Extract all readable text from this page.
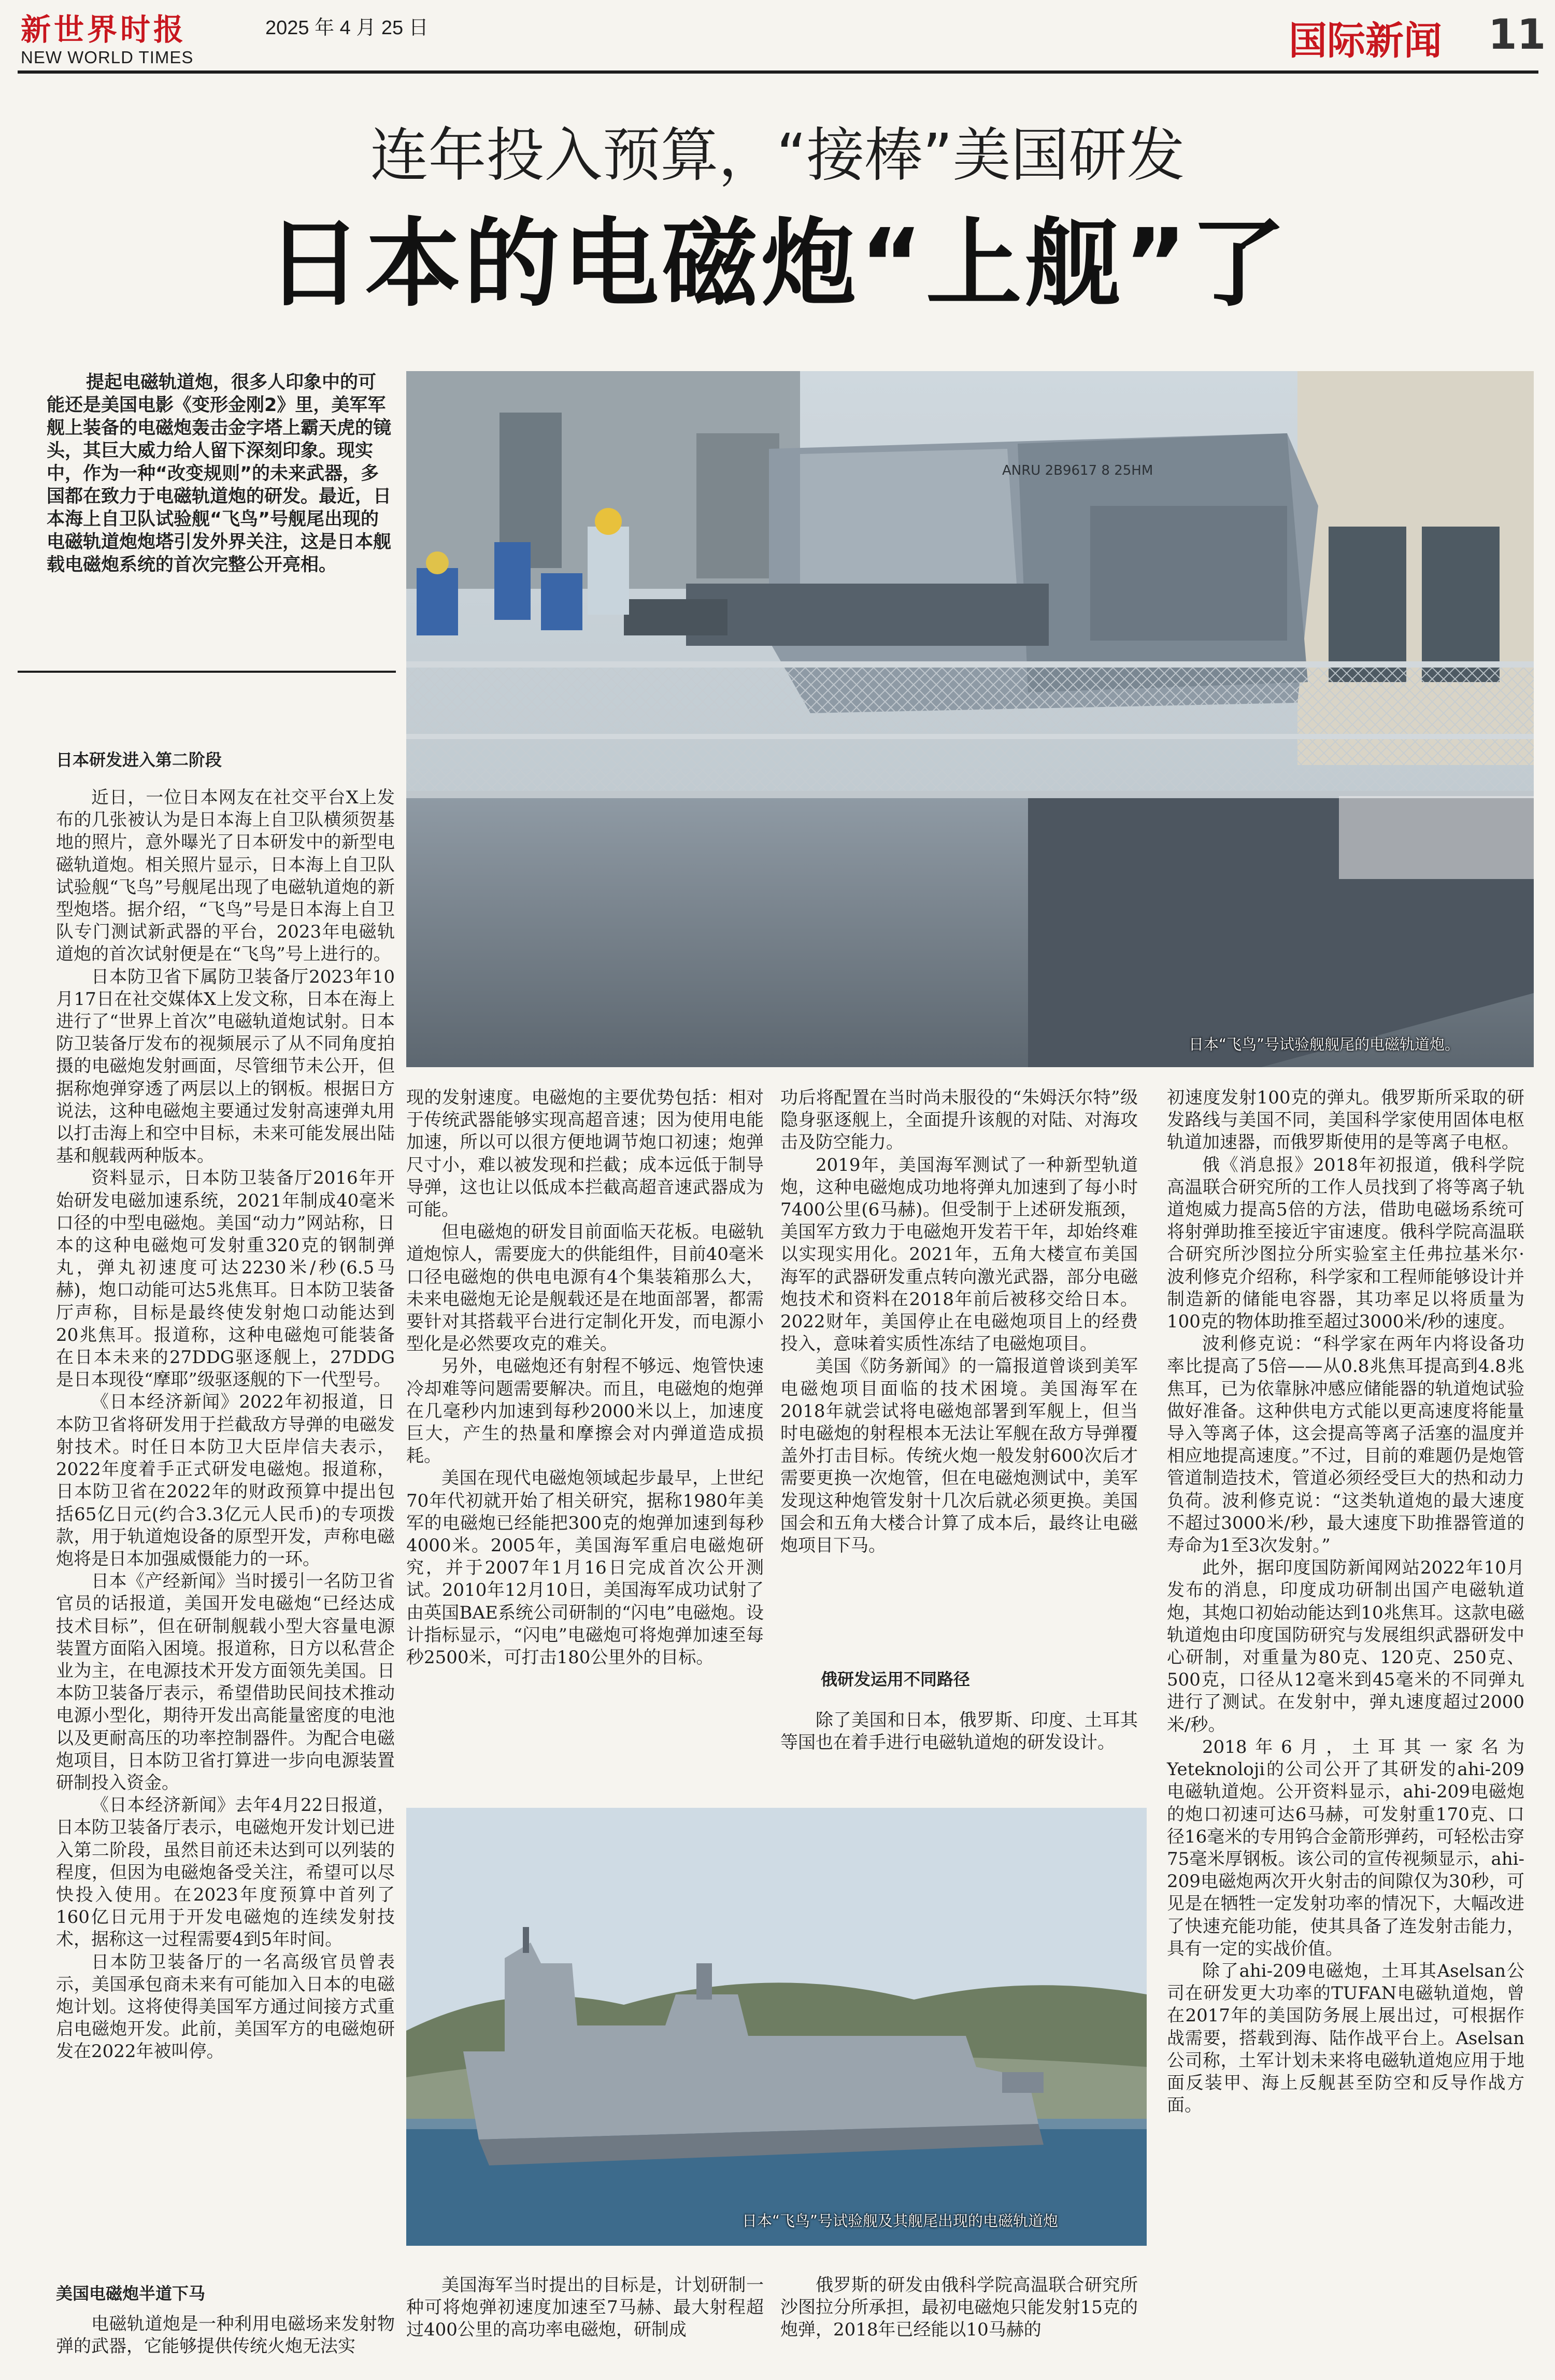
新世界时报	2025 年 4 月 25 日
NEW WORLD TIMES	国际新闻 11
连年投入预算，“接棒”美国研发
日本的电磁炮“上舰”了
提起电磁轨道炮，很多人印象中的可能还是美国电影《变形金刚2》里，美军军舰上装备的电磁炮轰击金字塔上霸天虎的镜头，其巨大威力给人留下深刻印象。现实中，作为一种“改变规则”的未来武器，多国都在致力于电磁轨道炮的研发。最近，日本海上自卫队试验舰“飞鸟”号舰尾出现的电磁轨道炮炮塔引发外界关注，这是日本舰载电磁炮系统的首次完整公开亮相。
ANRU 2B9617 8 25HM
日本“飞鸟”号试验舰舰尾的电磁轨道炮。
日本“飞鸟”号试验舰及其舰尾出现的电磁轨道炮
日本研发进入第二阶段

近日，一位日本网友在社交平台X上发布的几张被认为是日本海上自卫队横须贺基地的照片，意外曝光了日本研发中的新型电磁轨道炮。相关照片显示，日本海上自卫队试验舰“飞鸟”号舰尾出现了电磁轨道炮的新型炮塔。据介绍，“飞鸟”号是日本海上自卫队专门测试新武器的平台，2023年电磁轨道炮的首次试射便是在“飞鸟”号上进行的。

日本防卫省下属防卫装备厅2023年10月17日在社交媒体X上发文称，日本在海上进行了“世界上首次”电磁轨道炮试射。日本防卫装备厅发布的视频展示了从不同角度拍摄的电磁炮发射画面，尽管细节未公开，但据称炮弹穿透了两层以上的钢板。根据日方说法，这种电磁炮主要通过发射高速弹丸用以打击海上和空中目标，未来可能发展出陆基和舰载两种版本。

资料显示，日本防卫装备厅2016年开始研发电磁加速系统，2021年制成40毫米口径的中型电磁炮。美国“动力”网站称，日本的这种电磁炮可发射重320克的钢制弹丸，弹丸初速度可达2230米/秒(6.5马赫)，炮口动能可达5兆焦耳。日本防卫装备厅声称，目标是最终使发射炮口动能达到20兆焦耳。报道称，这种电磁炮可能装备在日本未来的27DDG驱逐舰上，27DDG是日本现役“摩耶”级驱逐舰的下一代型号。

《日本经济新闻》2022年初报道，日本防卫省将研发用于拦截敌方导弹的电磁发射技术。时任日本防卫大臣岸信夫表示，2022年度着手正式研发电磁炮。报道称，日本防卫省在2022年的财政预算中提出包括65亿日元(约合3.3亿元人民币)的专项拨款，用于轨道炮设备的原型开发，声称电磁炮将是日本加强威慑能力的一环。

日本《产经新闻》当时援引一名防卫省官员的话报道，美国开发电磁炮“已经达成技术目标”，但在研制舰载小型大容量电源装置方面陷入困境。报道称，日方以私营企业为主，在电源技术开发方面领先美国。日本防卫装备厅表示，希望借助民间技术推动电源小型化，期待开发出高能量密度的电池以及更耐高压的功率控制器件。为配合电磁炮项目，日本防卫省打算进一步向电源装置研制投入资金。

《日本经济新闻》去年4月22日报道，日本防卫装备厅表示，电磁炮开发计划已进入第二阶段，虽然目前还未达到可以列装的程度，但因为电磁炮备受关注，希望可以尽快投入使用。在2023年度预算中首列了160亿日元用于开发电磁炮的连续发射技术，据称这一过程需要4到5年时间。

日本防卫装备厅的一名高级官员曾表示，美国承包商未来有可能加入日本的电磁炮计划。这将使得美国军方通过间接方式重启电磁炮开发。此前，美国军方的电磁炮研发在2022年被叫停。

美国电磁炮半道下马

电磁轨道炮是一种利用电磁场来发射物弹的武器，它能够提供传统火炮无法实

现的发射速度。电磁炮的主要优势包括：相对于传统武器能够实现高超音速；因为使用电能加速，所以可以很方便地调节炮口初速；炮弹尺寸小，难以被发现和拦截；成本远低于制导导弹，这也让以低成本拦截高超音速武器成为可能。

但电磁炮的研发目前面临天花板。电磁轨道炮惊人，需要庞大的供能组件，目前40毫米口径电磁炮的供电电源有4个集装箱那么大，未来电磁炮无论是舰载还是在地面部署，都需要针对其搭载平台进行定制化开发，而电源小型化是必然要攻克的难关。

另外，电磁炮还有射程不够远、炮管快速冷却难等问题需要解决。而且，电磁炮的炮弹在几毫秒内加速到每秒2000米以上，加速度巨大，产生的热量和摩擦会对内弹道造成损耗。

美国在现代电磁炮领域起步最早，上世纪70年代初就开始了相关研究，据称1980年美军的电磁炮已经能把300克的炮弹加速到每秒4000米。2005年，美国海军重启电磁炮研究，并于2007年1月16日完成首次公开测试。2010年12月10日，美国海军成功试射了由英国BAE系统公司研制的“闪电”电磁炮。设计指标显示，“闪电”电磁炮可将炮弹加速至每秒2500米，可打击180公里外的目标。

美国海军当时提出的目标是，计划研制一种可将炮弹初速度加速至7马赫、最大射程超过400公里的高功率电磁炮，研制成

功后将配置在当时尚未服役的“朱姆沃尔特”级隐身驱逐舰上，全面提升该舰的对陆、对海攻击及防空能力。

2019年，美国海军测试了一种新型轨道炮，这种电磁炮成功地将弹丸加速到了每小时7400公里(6马赫)。但受制于上述研发瓶颈，美国军方致力于电磁炮开发若干年，却始终难以实现实用化。2021年，五角大楼宣布美国海军的武器研发重点转向激光武器，部分电磁炮技术和资料在2018年前后被移交给日本。2022财年，美国停止在电磁炮项目上的经费投入，意味着实质性冻结了电磁炮项目。

美国《防务新闻》的一篇报道曾谈到美军电磁炮项目面临的技术困境。美国海军在2018年就尝试将电磁炮部署到军舰上，但当时电磁炮的射程根本无法让军舰在敌方导弹覆盖外打击目标。传统火炮一般发射600次后才需要更换一次炮管，但在电磁炮测试中，美军发现这种炮管发射十几次后就必须更换。美国国会和五角大楼合计算了成本后，最终让电磁炮项目下马。

俄研发运用不同路径

除了美国和日本，俄罗斯、印度、土耳其等国也在着手进行电磁轨道炮的研发设计。

俄罗斯的研发由俄科学院高温联合研究所沙图拉分所承担，最初电磁炮只能发射15克的炮弹，2018年已经能以10马赫的

初速度发射100克的弹丸。俄罗斯所采取的研发路线与美国不同，美国科学家使用固体电枢轨道加速器，而俄罗斯使用的是等离子电枢。

俄《消息报》2018年初报道，俄科学院高温联合研究所的工作人员找到了将等离子轨道炮威力提高5倍的方法，借助电磁场系统可将射弹助推至接近宇宙速度。俄科学院高温联合研究所沙图拉分所实验室主任弗拉基米尔·波利修克介绍称，科学家和工程师能够设计并制造新的储能电容器，其功率足以将质量为100克的物体助推至超过3000米/秒的速度。

波利修克说：“科学家在两年内将设备功率比提高了5倍——从0.8兆焦耳提高到4.8兆焦耳，已为依靠脉冲感应储能器的轨道炮试验做好准备。这种供电方式能以更高速度将能量导入等离子体，这会提高等离子活塞的温度并相应地提高速度。”不过，目前的难题仍是炮管管道制造技术，管道必须经受巨大的热和动力负荷。波利修克说：“这类轨道炮的最大速度不超过3000米/秒，最大速度下助推器管道的寿命为1至3次发射。”

此外，据印度国防新闻网站2022年10月发布的消息，印度成功研制出国产电磁轨道炮，其炮口初始动能达到10兆焦耳。这款电磁轨道炮由印度国防研究与发展组织武器研发中心研制，对重量为80克、120克、250克、500克，口径从12毫米到45毫米的不同弹丸进行了测试。在发射中，弹丸速度超过2000米/秒。

2018年6月，土耳其一家名为Yeteknoloji的公司公开了其研发的ahi-209电磁轨道炮。公开资料显示，ahi-209电磁炮的炮口初速可达6马赫，可发射重170克、口径16毫米的专用钨合金箭形弹药，可轻松击穿75毫米厚钢板。该公司的宣传视频显示，ahi-209电磁炮两次开火射击的间隙仅为30秒，可见是在牺牲一定发射功率的情况下，大幅改进了快速充能功能，使其具备了连发射击能力，具有一定的实战价值。

除了ahi-209电磁炮，土耳其Aselsan公司在研发更大功率的TUFAN电磁轨道炮，曾在2017年的美国防务展上展出过，可根据作战需要，搭载到海、陆作战平台上。Aselsan公司称，土军计划未来将电磁轨道炮应用于地面反装甲、海上反舰甚至防空和反导作战方面。
